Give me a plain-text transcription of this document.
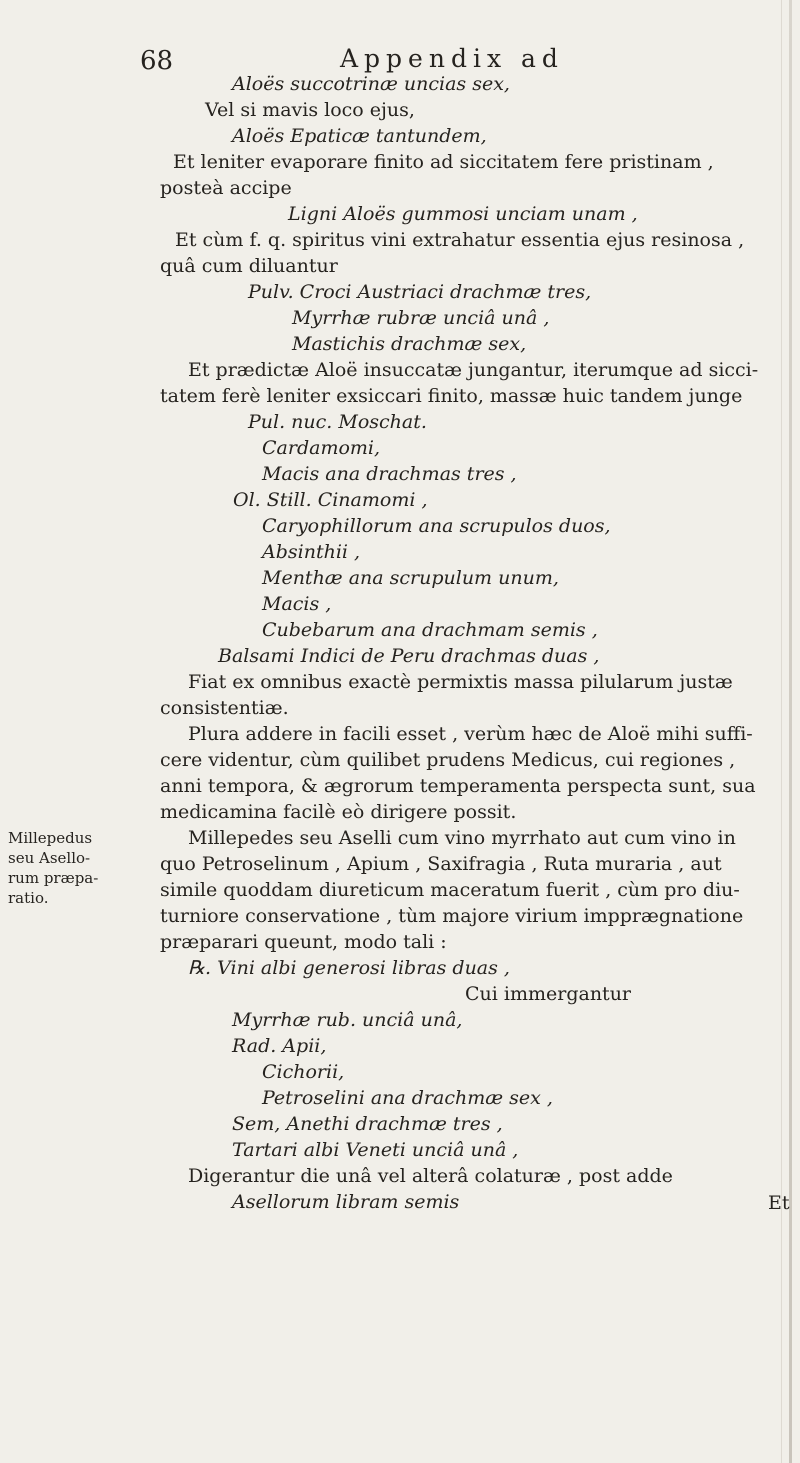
68	Appendix ad
Aloës succotrinæ uncias sex,
Vel si mavis loco ejus,
Aloës Epaticæ tantundem,
Et leniter evaporare finito ad siccitatem fere pristinam ,
posteà accipe
Ligni Aloës gummosi unciam unam ,
Et cùm f. q. spiritus vini extrahatur essentia ejus resinosa ,
quâ cum diluantur
Pulv. Croci Austriaci drachmæ tres,
Myrrhæ rubræ unciâ unâ ,
Mastichis drachmæ sex,
Et prædictæ Aloë insuccatæ jungantur, iterumque ad sicci-
tatem ferè leniter exsiccari finito, massæ huic tandem junge
Pul. nuc. Moschat.
Cardamomi,
Macis ana drachmas tres ,
Ol. Still. Cinamomi ,
Caryophillorum ana scrupulos duos,
Absinthii ,
Menthæ ana scrupulum unum,
Macis ,
Cubebarum ana drachmam semis ,
Balsami Indici de Peru drachmas duas ,
Fiat ex omnibus exactè permixtis massa pilularum justæ
consistentiæ.
Plura addere in facili esset , verùm hæc de Aloë mihi suffi-
cere videntur, cùm quilibet prudens Medicus, cui regiones ,
anni tempora, & ægrorum temperamenta perspecta sunt, sua
medicamina facilè eò dirigere possit.
Millepedes seu Aselli cum vino myrrhato aut cum vino in
quo Petroselinum , Apium , Saxifragia , Ruta muraria , aut
simile quoddam diureticum maceratum fuerit , cùm pro diu-
turniore conservatione , tùm majore virium impprægnatione
præparari queunt, modo tali :
℞. Vini albi generosi libras duas ,
Cui immergantur
Myrrhæ rub. unciâ unâ,
Rad. Apii,
Cichorii,
Petroselini ana drachmæ sex ,
Sem, Anethi drachmæ tres ,
Tartari albi Veneti unciâ unâ ,
Digerantur die unâ vel alterâ colaturæ , post adde
Asellorum libram semis
Millepedus
seu Asello-
rum præpa-
ratio.
Et
